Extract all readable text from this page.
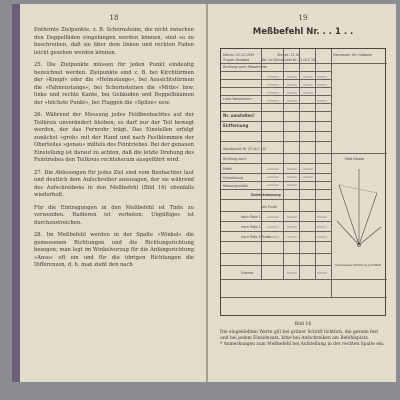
18

Entfernte Zielpunkte, z. B. Schornsteine, die nicht zwischen den Doppelfäden eingefangen werden können, sind so zu beschreiben, daß sie über dem linken und rechten Faden leicht gesehen werden können.

25. Die Zielpunkte müssen für jeden Punkt eindeutig bezeichnet werden. Zielpunkte sind z. B. bei Kirchtürmen der »Knopf« oder die »Helmstange«, bei Aussichtstürmen die »Fahnenstange«, bei Schornsteinen die »Mitte« bzw. linke und rechte Kante, bei Gebäuden und Doppelbäumen der »höchste Punkt«, bei Flaggen die »Spitze« usw.

26. Während der Messung jedes Feldbeobachtes auf der Teilkreis unverändert bleiben; es darf nur der Teil bewegt werden, der das Fernrohr trägt. Das Einstellen erfolgt zunächst »grob« mit der Hand und nach Festklemmen der Oberteiles »genau« mittels des Feintriebes. Bei der genauen Einstellung ist darauf zu achten, daß die letzte Drehung des Feintriebes den Teilkreis rechtsherum ausgeführt wird.

27. Die Ablesungen für jedes Ziel sind vom Beobachter laut und deutlich dem Aufschreiber anzusagen, der sie während des Aufschreibens in den Meßbefehl (Bild 16) ebenfalls wiederholt.

Für die Eintragungen in den Meßbefehl ist Tinte zu verwenden. Radieren ist verboten; Ungültiges ist durchzustreichen.

28. Im Meßbefehl werden in der Spalte »Winkel« die gemessenen Richtungen und die Richtungsrichtung bezogen; man legt im Winkelvorzug für die Anfangsrichtung »Anso« oft ein und für die übrigen Richtungen die Differenzen, d. h. man zieht den nach

19
Meßbefehl Nr. . . 1 . .
Datum: 22.10.1939	Uhrzeit: 11.40	Gemessen: Gfr. Hubbold
Truppe: Hubbold	Abt. im Standpunkt Nr. 22 (A.F. 20)
Richtung nach: Wasserturm
Linke Wasserturm
Nr. umstellen!
Entfernung
Standpunkt Nr. 22 (A.F. 20)
Richtung nach:
Mittel
Orientierung
Messungsmittel
Dreieckmessung
Von Punkt
nach Platz 1
nach Platz 2
nach Platz 3 Punkt
Summe
Meß-Skizze
Gemessene Richtung ermittelt
Bild 16
Die eingeklebten Werte gilt bei grüner Schrift lichtlich, die gerade fest und bei jedem Einzelnsatz, bitte bei Aufschreiben am Befehlsplatz.
* Anmerkungen zum Meßbefehl bei Aufstellung in der rechten Spalte ein.
